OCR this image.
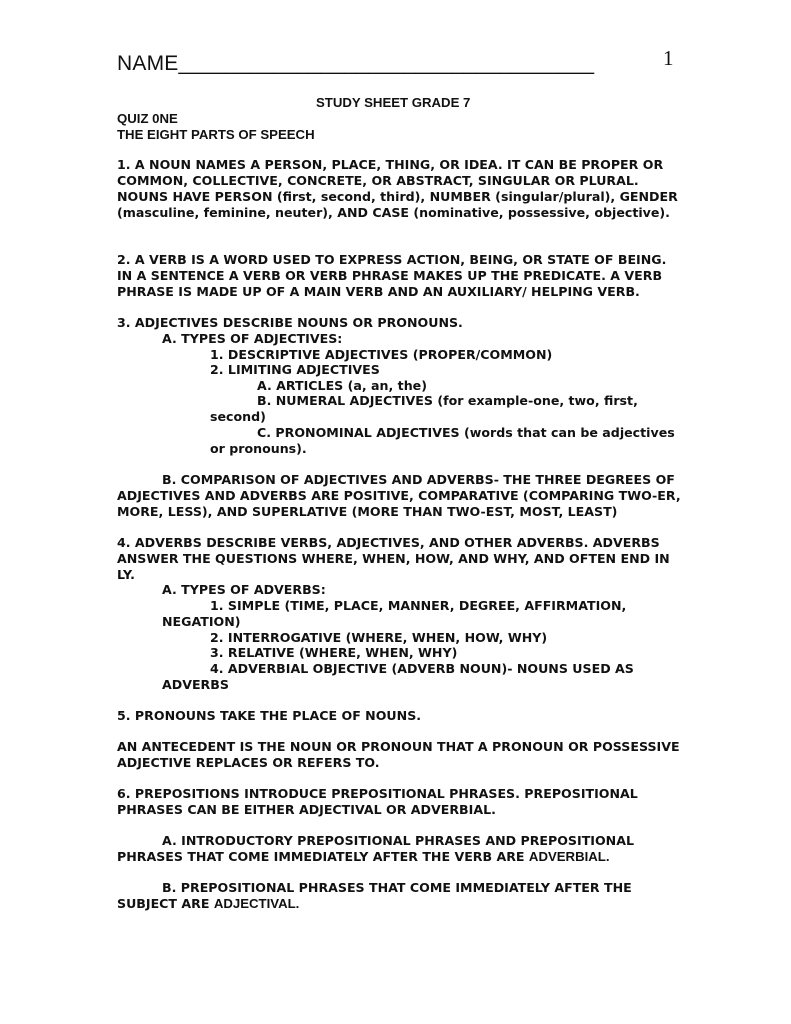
NAME___________________________________	1
STUDY SHEET GRADE 7
QUIZ 0NE
THE EIGHT PARTS OF SPEECH
1. A NOUN NAMES A PERSON, PLACE, THING, OR IDEA. IT CAN BE PROPER OR
COMMON, COLLECTIVE, CONCRETE, OR ABSTRACT, SINGULAR OR PLURAL.
NOUNS HAVE PERSON (first, second, third), NUMBER (singular/plural), GENDER
(masculine, feminine, neuter), AND CASE (nominative, possessive, objective).
2. A VERB IS A WORD USED TO EXPRESS ACTION, BEING, OR STATE OF BEING.
IN A SENTENCE A VERB OR VERB PHRASE MAKES UP THE PREDICATE. A VERB
PHRASE IS MADE UP OF A MAIN VERB AND AN AUXILIARY/ HELPING VERB.
3. ADJECTIVES DESCRIBE NOUNS OR PRONOUNS.
A. TYPES OF ADJECTIVES:
1. DESCRIPTIVE ADJECTIVES (PROPER/COMMON)
2. LIMITING ADJECTIVES
A. ARTICLES (a, an, the)
B. NUMERAL ADJECTIVES (for example-one, two, first,
second)
C. PRONOMINAL ADJECTIVES (words that can be adjectives
or pronouns).
B. COMPARISON OF ADJECTIVES AND ADVERBS- THE THREE DEGREES OF
ADJECTIVES AND ADVERBS ARE POSITIVE, COMPARATIVE (COMPARING TWO-ER,
MORE, LESS), AND SUPERLATIVE (MORE THAN TWO-EST, MOST, LEAST)
4. ADVERBS DESCRIBE VERBS, ADJECTIVES, AND OTHER ADVERBS. ADVERBS
ANSWER THE QUESTIONS WHERE, WHEN, HOW, AND WHY, AND OFTEN END IN
LY.
A. TYPES OF ADVERBS:
1. SIMPLE (TIME, PLACE, MANNER, DEGREE, AFFIRMATION,
NEGATION)
2. INTERROGATIVE (WHERE, WHEN, HOW, WHY)
3. RELATIVE (WHERE, WHEN, WHY)
4. ADVERBIAL OBJECTIVE (ADVERB NOUN)- NOUNS USED AS
ADVERBS
5. PRONOUNS TAKE THE PLACE OF NOUNS.
AN ANTECEDENT IS THE NOUN OR PRONOUN THAT A PRONOUN OR POSSESSIVE
ADJECTIVE REPLACES OR REFERS TO.
6. PREPOSITIONS INTRODUCE PREPOSITIONAL PHRASES. PREPOSITIONAL
PHRASES CAN BE EITHER ADJECTIVAL OR ADVERBIAL.
A. INTRODUCTORY PREPOSITIONAL PHRASES AND PREPOSITIONAL
PHRASES THAT COME IMMEDIATELY AFTER THE VERB ARE ADVERBIAL.
B. PREPOSITIONAL PHRASES THAT COME IMMEDIATELY AFTER THE
SUBJECT ARE ADJECTIVAL.
